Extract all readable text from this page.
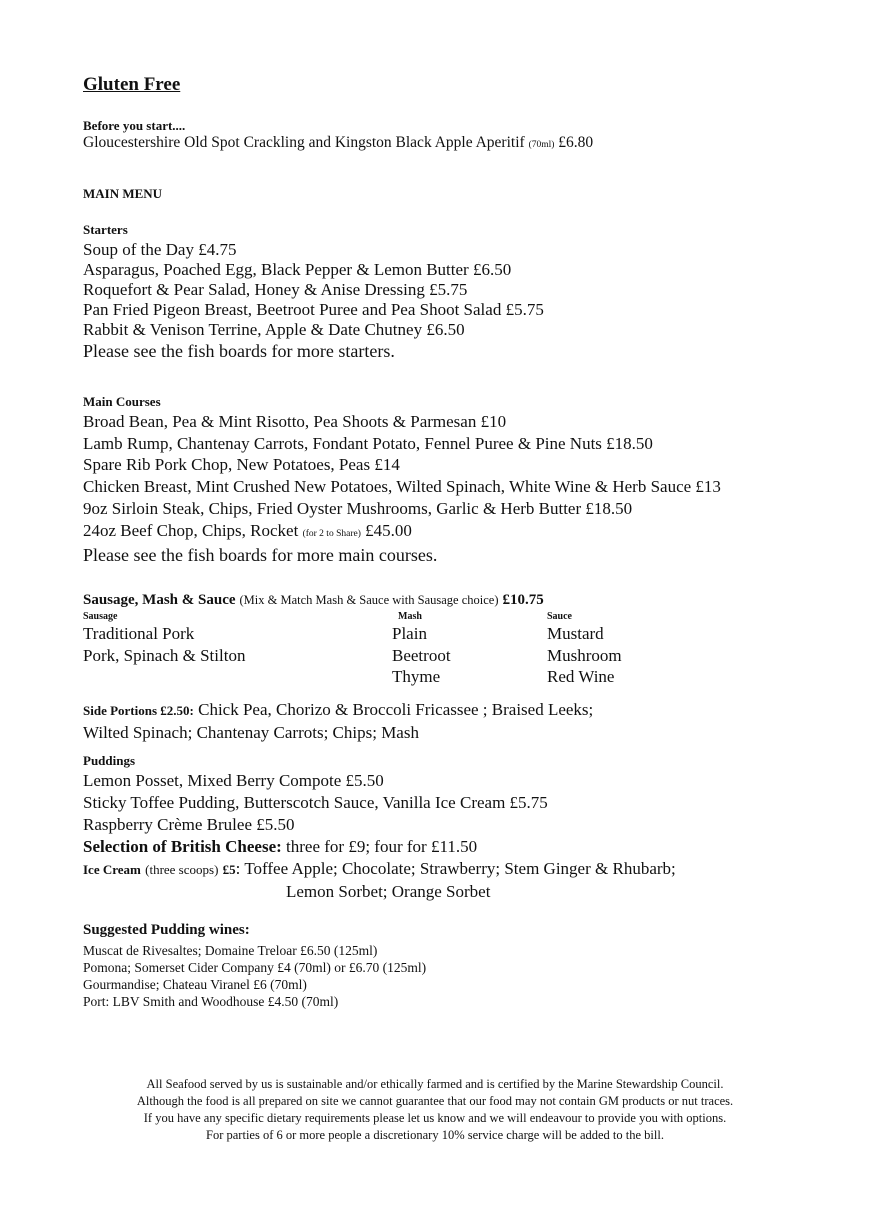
Gluten Free
Before you start....
Gloucestershire Old Spot Crackling and Kingston Black Apple Aperitif (70ml) £6.80
MAIN MENU
Starters
Soup of the Day £4.75
Asparagus, Poached Egg, Black Pepper & Lemon Butter £6.50
Roquefort & Pear Salad, Honey & Anise Dressing £5.75
Pan Fried Pigeon Breast, Beetroot Puree and Pea Shoot Salad £5.75
Rabbit & Venison Terrine, Apple & Date Chutney £6.50
Please see the fish boards for more starters.
Main Courses
Broad Bean, Pea & Mint Risotto, Pea Shoots & Parmesan £10
Lamb Rump, Chantenay Carrots, Fondant Potato, Fennel Puree & Pine Nuts £18.50
Spare Rib Pork Chop, New Potatoes, Peas £14
Chicken Breast, Mint Crushed New Potatoes, Wilted Spinach, White Wine & Herb Sauce £13
9oz Sirloin Steak, Chips, Fried Oyster Mushrooms, Garlic & Herb Butter £18.50
24oz Beef Chop, Chips, Rocket (for 2 to Share) £45.00
Please see the fish boards for more main courses.
Sausage, Mash & Sauce (Mix & Match Mash & Sauce with Sausage choice) £10.75
Sausage	Mash	Sauce
Traditional Pork
Pork, Spinach & Stilton
Plain
Beetroot
Thyme
Mustard
Mushroom
Red Wine
Side Portions £2.50: Chick Pea, Chorizo & Broccoli Fricassee ; Braised Leeks;
Wilted Spinach; Chantenay Carrots; Chips; Mash
Puddings
Lemon Posset, Mixed Berry Compote £5.50
Sticky Toffee Pudding, Butterscotch Sauce, Vanilla Ice Cream £5.75
Raspberry Crème Brulee £5.50
Selection of British Cheese: three for £9; four for £11.50
Ice Cream (three scoops) £5: Toffee Apple; Chocolate; Strawberry; Stem Ginger & Rhubarb;
Lemon Sorbet; Orange Sorbet
Suggested Pudding wines:
Muscat de Rivesaltes; Domaine Treloar £6.50 (125ml)
Pomona; Somerset Cider Company £4 (70ml) or £6.70 (125ml)
Gourmandise; Chateau Viranel £6 (70ml)
Port: LBV Smith and Woodhouse £4.50 (70ml)
All Seafood served by us is sustainable and/or ethically farmed and is certified by the Marine Stewardship Council.
Although the food is all prepared on site we cannot guarantee that our food may not contain GM products or nut traces.
If you have any specific dietary requirements please let us know and we will endeavour to provide you with options.
For parties of 6 or more people a discretionary 10% service charge will be added to the bill.
